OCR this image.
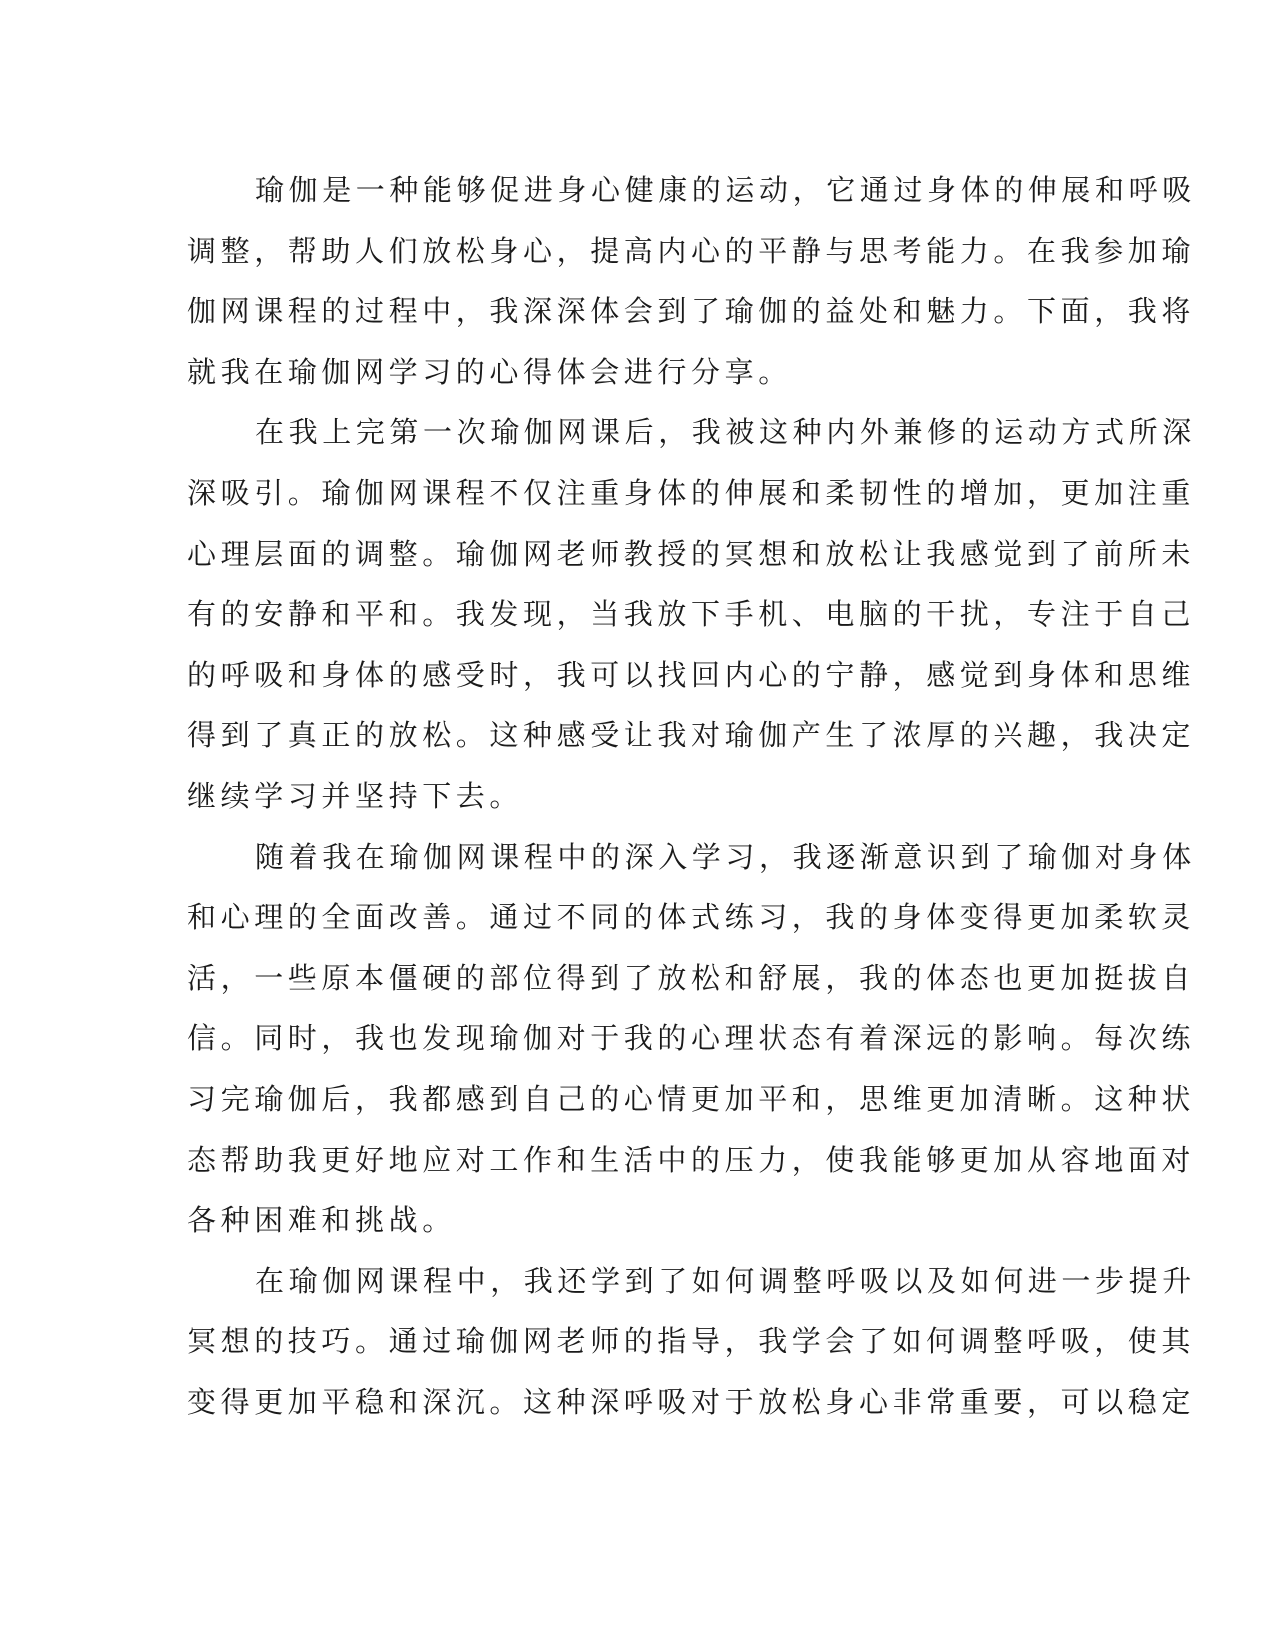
瑜伽是一种能够促进身心健康的运动，它通过身体的伸展和呼吸
调整，帮助人们放松身心，提高内心的平静与思考能力。在我参加瑜
伽网课程的过程中，我深深体会到了瑜伽的益处和魅力。下面，我将
就我在瑜伽网学习的心得体会进行分享。

在我上完第一次瑜伽网课后，我被这种内外兼修的运动方式所深
深吸引。瑜伽网课程不仅注重身体的伸展和柔韧性的增加，更加注重
心理层面的调整。瑜伽网老师教授的冥想和放松让我感觉到了前所未
有的安静和平和。我发现，当我放下手机、电脑的干扰，专注于自己
的呼吸和身体的感受时，我可以找回内心的宁静，感觉到身体和思维
得到了真正的放松。这种感受让我对瑜伽产生了浓厚的兴趣，我决定
继续学习并坚持下去。

随着我在瑜伽网课程中的深入学习，我逐渐意识到了瑜伽对身体
和心理的全面改善。通过不同的体式练习，我的身体变得更加柔软灵
活，一些原本僵硬的部位得到了放松和舒展，我的体态也更加挺拔自
信。同时，我也发现瑜伽对于我的心理状态有着深远的影响。每次练
习完瑜伽后，我都感到自己的心情更加平和，思维更加清晰。这种状
态帮助我更好地应对工作和生活中的压力，使我能够更加从容地面对
各种困难和挑战。

在瑜伽网课程中，我还学到了如何调整呼吸以及如何进一步提升
冥想的技巧。通过瑜伽网老师的指导，我学会了如何调整呼吸，使其
变得更加平稳和深沉。这种深呼吸对于放松身心非常重要，可以稳定
